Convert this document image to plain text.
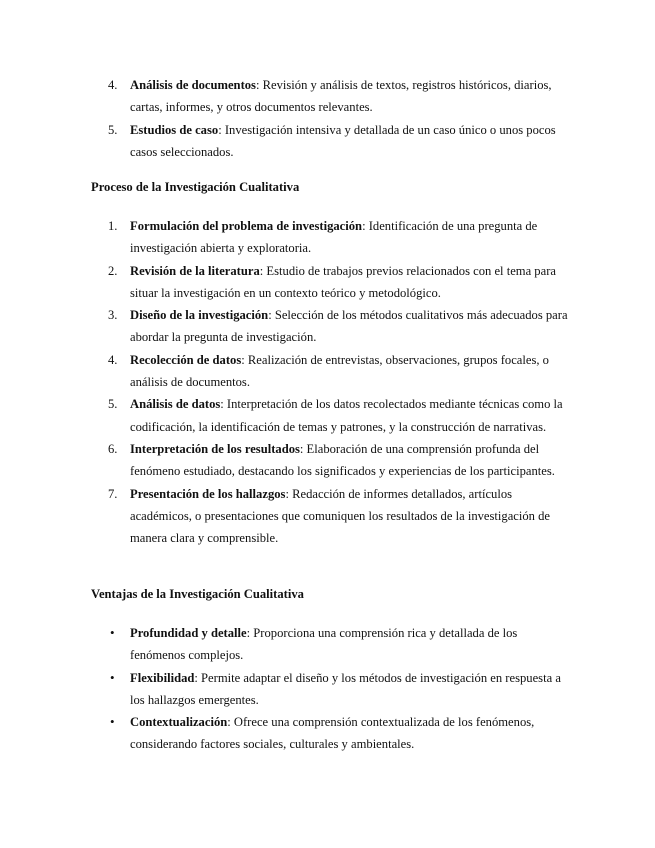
4. Análisis de documentos: Revisión y análisis de textos, registros históricos, diarios, cartas, informes, y otros documentos relevantes.
5. Estudios de caso: Investigación intensiva y detallada de un caso único o unos pocos casos seleccionados.
Proceso de la Investigación Cualitativa
1. Formulación del problema de investigación: Identificación de una pregunta de investigación abierta y exploratoria.
2. Revisión de la literatura: Estudio de trabajos previos relacionados con el tema para situar la investigación en un contexto teórico y metodológico.
3. Diseño de la investigación: Selección de los métodos cualitativos más adecuados para abordar la pregunta de investigación.
4. Recolección de datos: Realización de entrevistas, observaciones, grupos focales, o análisis de documentos.
5. Análisis de datos: Interpretación de los datos recolectados mediante técnicas como la codificación, la identificación de temas y patrones, y la construcción de narrativas.
6. Interpretación de los resultados: Elaboración de una comprensión profunda del fenómeno estudiado, destacando los significados y experiencias de los participantes.
7. Presentación de los hallazgos: Redacción de informes detallados, artículos académicos, o presentaciones que comuniquen los resultados de la investigación de manera clara y comprensible.
Ventajas de la Investigación Cualitativa
• Profundidad y detalle: Proporciona una comprensión rica y detallada de los fenómenos complejos.
• Flexibilidad: Permite adaptar el diseño y los métodos de investigación en respuesta a los hallazgos emergentes.
• Contextualización: Ofrece una comprensión contextualizada de los fenómenos, considerando factores sociales, culturales y ambientales.
